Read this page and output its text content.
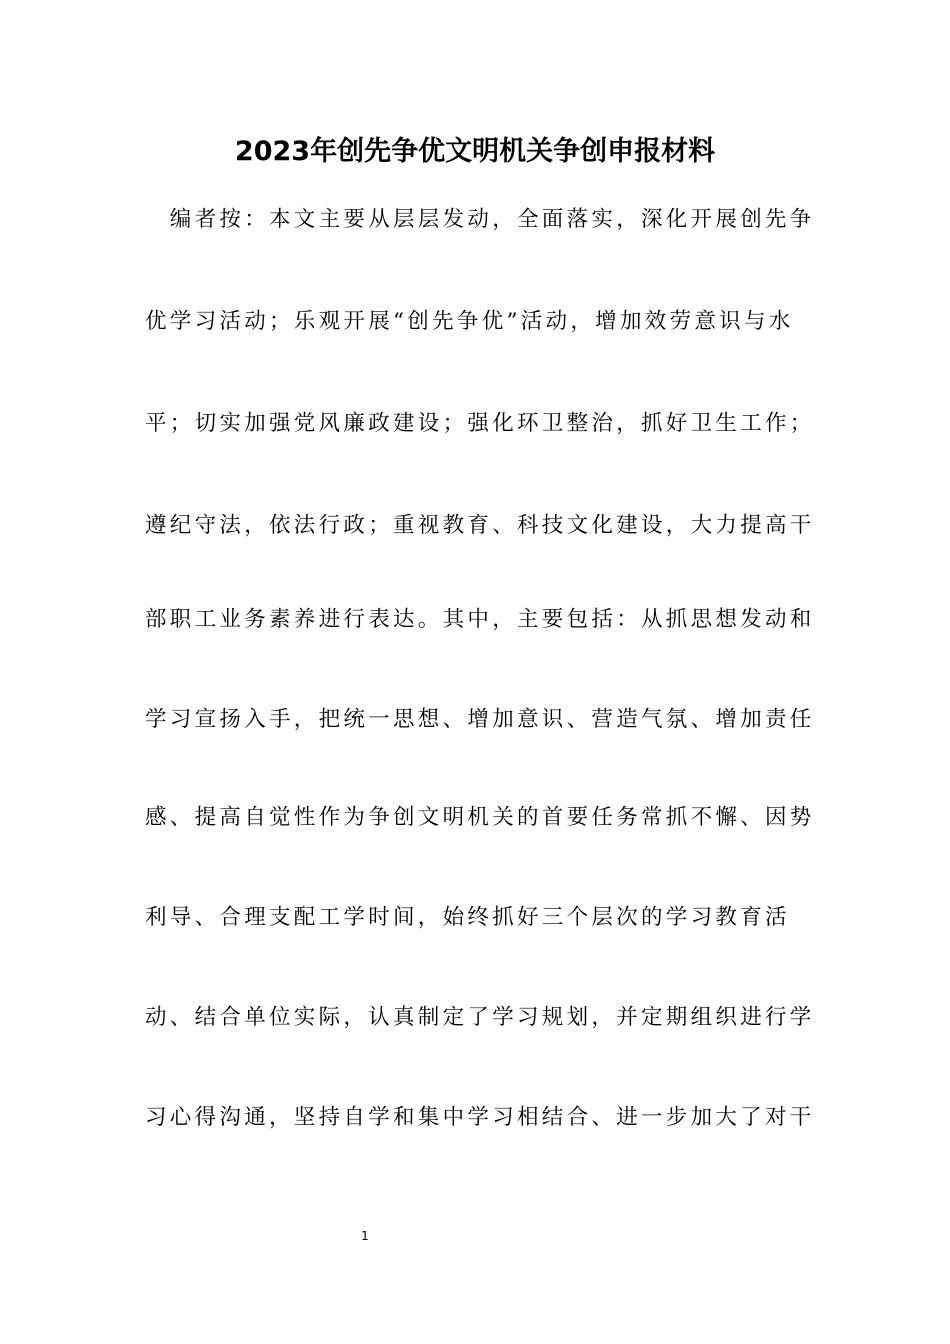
2023年创先争优文明机关争创申报材料

　编者按：本文主要从层层发动，全面落实，深化开展创先争

优学习活动；乐观开展“创先争优”活动，增加效劳意识与水

平；切实加强党风廉政建设；强化环卫整治，抓好卫生工作；

遵纪守法，依法行政；重视教育、科技文化建设，大力提高干

部职工业务素养进行表达。其中，主要包括：从抓思想发动和

学习宣扬入手，把统一思想、增加意识、营造气氛、增加责任

感、提高自觉性作为争创文明机关的首要任务常抓不懈、因势

利导、合理支配工学时间，始终抓好三个层次的学习教育活

动、结合单位实际，认真制定了学习规划，并定期组织进行学

习心得沟通，坚持自学和集中学习相结合、进一步加大了对干

1
